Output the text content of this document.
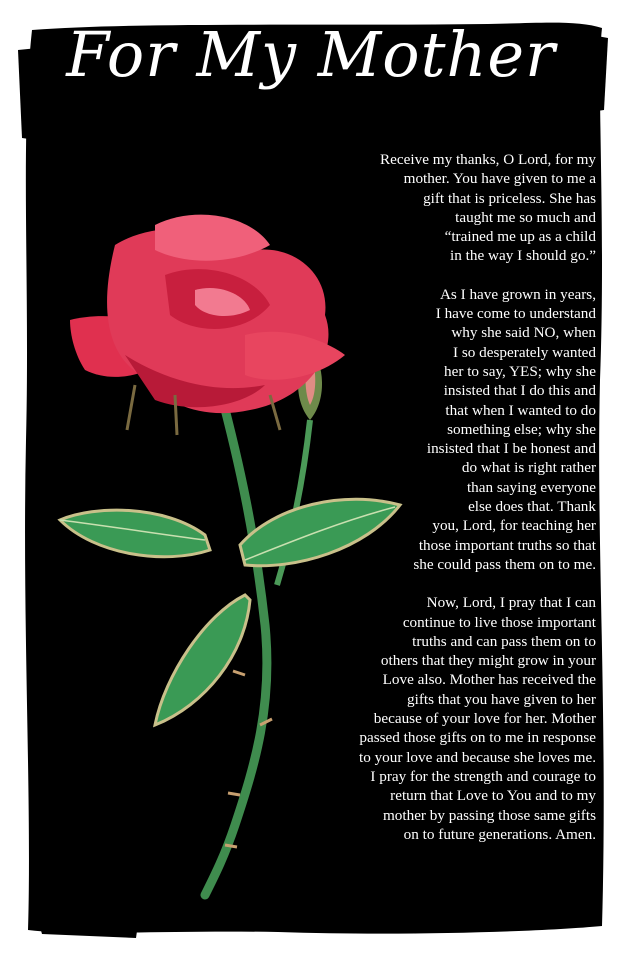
For My Mother
Receive my thanks, O Lord, for my
mother. You have given to me a
gift that is priceless. She has
taught me so much and
“trained me up as a child
in the way I should go.”
As I have grown in years,
I have come to understand
why she said NO, when
I so desperately wanted
her to say, YES; why she
insisted that I do this and
that when I wanted to do
something else; why she
insisted that I be honest and
do what is right rather
than saying everyone
else does that. Thank
you, Lord, for teaching her
those important truths so that
she could pass them on to me.
Now, Lord, I pray that I can
continue to live those important
truths and can pass them on to
others that they might grow in your
Love also. Mother has received the
gifts that you have given to her
because of your love for her. Mother
passed those gifts on to me in response
to your love and because she loves me.
I pray for the strength and courage to
return that Love to You and to my
mother by passing those same gifts
on to future generations. Amen.
